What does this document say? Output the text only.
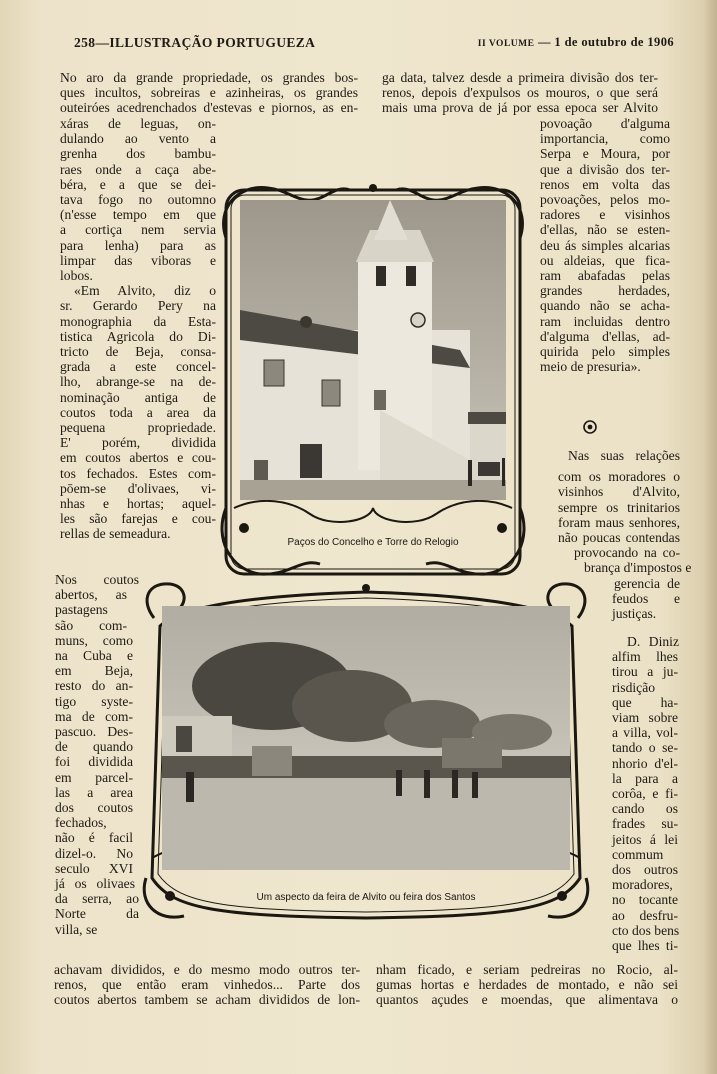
258—ILLUSTRAÇÃO PORTUGUEZA	II VOLUME — 1 de outubro de 1906
No aro da grande propriedade, os grandes bos-
ques incultos, sobreiras e azinheiras, os grandes
outeiróes acedrenchados d'estevas e piornos, as en-
ga data, talvez desde a primeira divisão dos ter-
renos, depois d'expulsos os mouros, o que será
mais uma prova de já por essa epoca ser Alvito
xáras de leguas, on-
dulando ao vento a
grenha dos bambu-
raes onde a caça abe-
béra, e a que se dei-
tava fogo no outomno
(n'esse tempo em que
a cortiça nem servia
para lenha) para as
limpar das viboras e
lobos.
«Em Alvito, diz o
sr. Gerardo Pery na
monographia da Esta-
tistica Agricola do Di-
tricto de Beja, consa-
grada a este concel-
lho, abrange-se na de-
nominação antiga de
coutos toda a area da
pequena propriedade.
E' porém, dividida
em coutos abertos e cou-
tos fechados. Estes com-
pōem-se d'olivaes, vi-
nhas e hortas; aquel-
les são farejas e cou-
rellas de semeadura.
Nos coutos
abertos, as
pastagens
são com-
muns, como
na Cuba e
em Beja,
resto do an-
tigo syste-
ma de com-
pascuo. Des-
de quando
foi dividida
em parcel-
las a area
dos coutos
fechados,
não é facil
dizel-o. No
seculo XVI
já os olivaes
da serra, ao
Norte da
villa, se
achavam divididos, e do mesmo modo outros ter-
renos, que então eram vinhedos... Parte dos
coutos abertos tambem se acham divididos de lon-
povoação d'alguma
importancia, como
Serpa e Moura, por
que a divisão dos ter-
renos em volta das
povoações, pelos mo-
radores e visinhos
d'ellas, não se esten-
deu ás simples alcarias
ou aldeias, que fica-
ram abafadas pelas
grandes herdades,
quando não se acha-
ram incluidas dentro
d'alguma d'ellas, ad-
quirida pelo simples
meio de presuria».
Nas suas relações
com os moradores o
visinhos d'Alvito,
sempre os trinitarios
foram maus senhores,
não poucas contendas
provocando na co-
brança d'impostos e
gerencia de
feudos e
justiças.
D. Diniz
alfim lhes
tirou a ju-
risdição
que ha-
viam sobre
a villa, vol-
tando o se-
nhorio d'el-
la para a
corôa, e fi-
cando os
frades su-
jeitos á lei
commum
dos outros
moradores,
no tocante
ao desfru-
cto dos bens
que lhes ti-
nham ficado, e seriam pedreiras no Rocio, al-
gumas hortas e herdades de montado, e não sei
quantos açudes e moendas, que alimentava o
Paços do Concelho e Torre do Relogio
Um aspecto da feira de Alvito ou feira dos Santos
